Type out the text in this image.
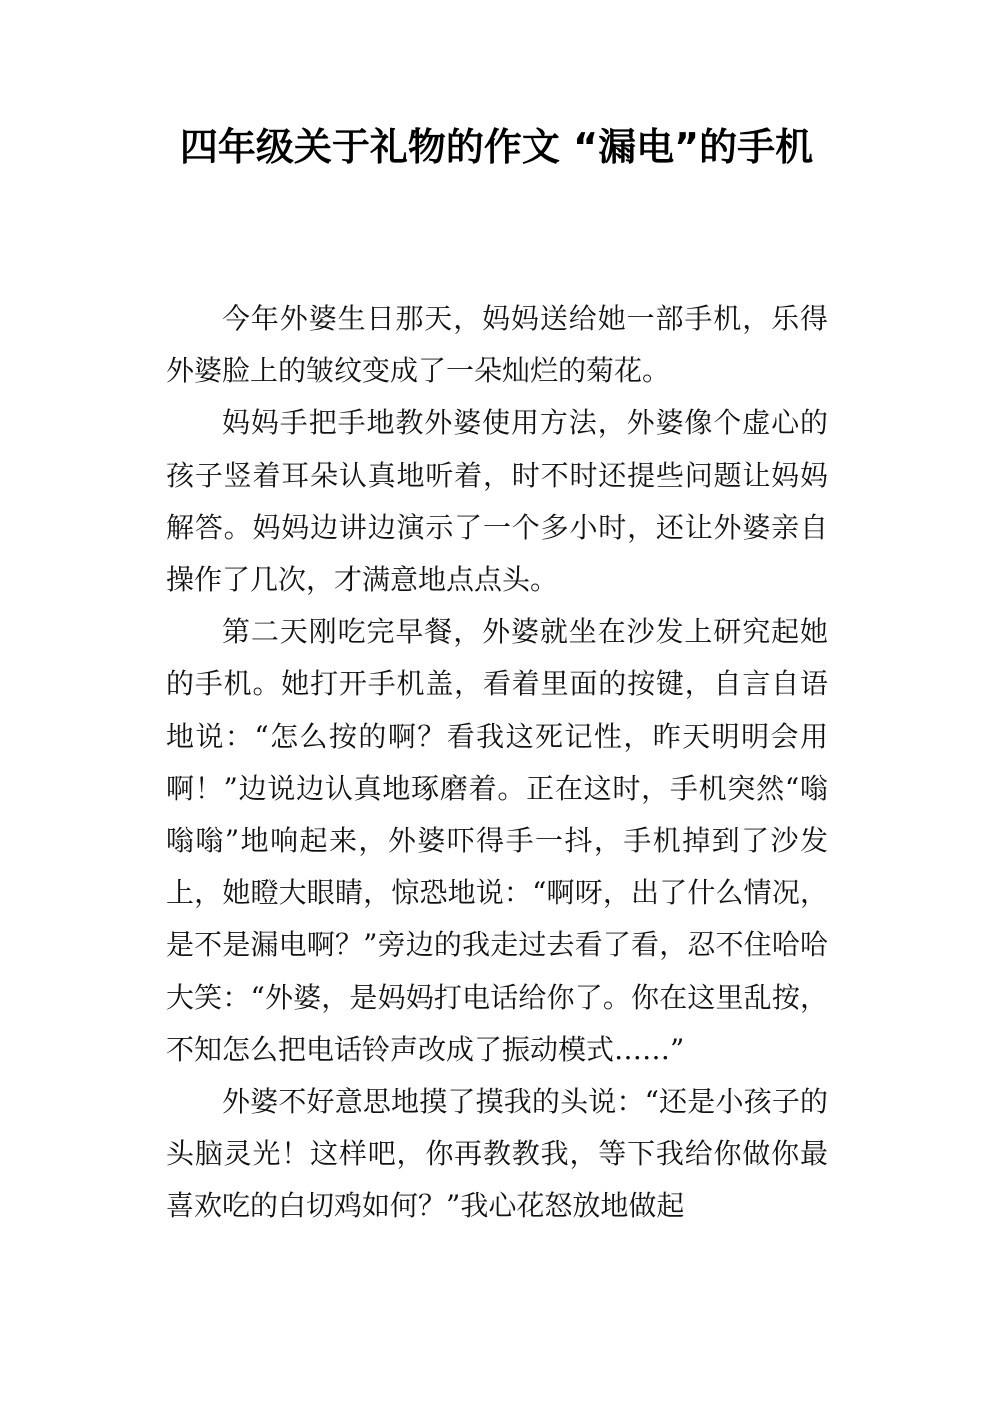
四年级关于礼物的作文 “漏电”的手机

今年外婆生日那天，妈妈送给她一部手机，乐得外婆脸上的皱纹变成了一朵灿烂的菊花。

妈妈手把手地教外婆使用方法，外婆像个虚心的孩子竖着耳朵认真地听着，时不时还提些问题让妈妈解答。妈妈边讲边演示了一个多小时，还让外婆亲自操作了几次，才满意地点点头。

第二天刚吃完早餐，外婆就坐在沙发上研究起她的手机。她打开手机盖，看着里面的按键，自言自语地说：“怎么按的啊？看我这死记性，昨天明明会用啊！”边说边认真地琢磨着。正在这时，手机突然“嗡嗡嗡”地响起来，外婆吓得手一抖，手机掉到了沙发上，她瞪大眼睛，惊恐地说：“啊呀，出了什么情况，是不是漏电啊？”旁边的我走过去看了看，忍不住哈哈大笑：“外婆，是妈妈打电话给你了。你在这里乱按，不知怎么把电话铃声改成了振动模式……”

外婆不好意思地摸了摸我的头说：“还是小孩子的头脑灵光！这样吧，你再教教我，等下我给你做你最喜欢吃的白切鸡如何？”我心花怒放地做起
